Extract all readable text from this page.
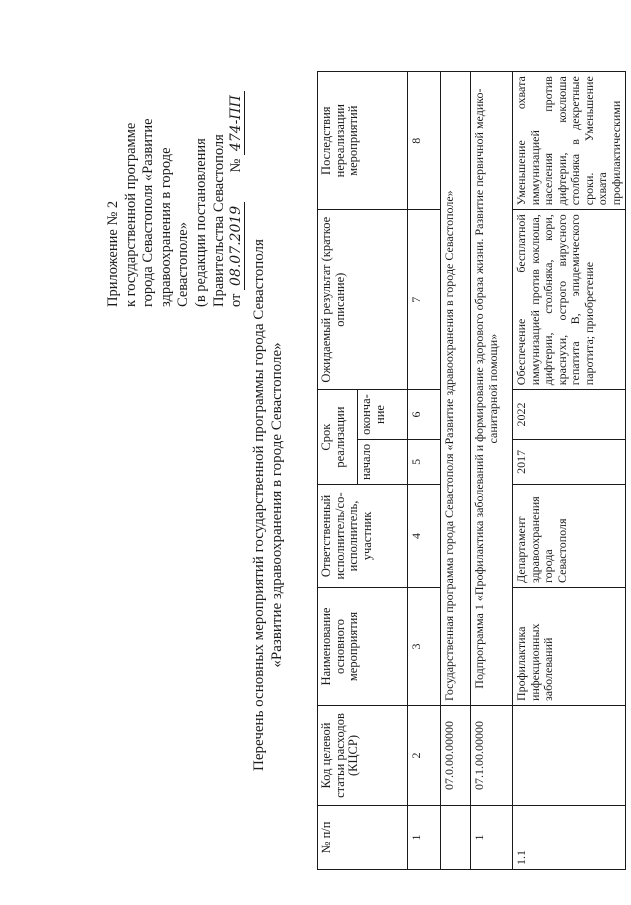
Приложение № 2 к государственной программе города Севастополя «Развитие здравоохранения в городе Севастополе» (в редакции постановления Правительства Севастополя от 08.07.2019  № 474-ПП
Перечень основных мероприятий государственной программы города Севастополя «Развитие здравоохранения в городе Севастополе»
№ п/п	Код целевой статьи расходов (КЦСР)	Наименование основного мероприятия	Ответственный исполнитель/со-исполнитель, участник	Срок реализации		Ожидаемый результат (краткое описание)	Последствия нереализации мероприятий
				начало	оконча-ние		
1	2	3	4	5	6	7	8
	07.0.00.00000	Государственная программа города Севастополя «Развитие здравоохранения в городе Севастополе»					
1	07.1.00.00000	Подпрограмма 1 «Профилактика заболеваний и формирование здорового образа жизни. Развитие первичной медико-санитарной помощи»					
1.1		Профилактика инфекционных заболеваний	Департамент здравоохранения города Севастополя	2017	2022	Обеспечение бесплатной иммунизацией против коклюша, дифтерии, столбняка, кори, краснухи, острого вирусного гепатита В, эпидемического паротита; приобретение	Уменьшение охвата иммунизацией населения против дифтерии, коклюша столбняка в декретные сроки. Уменьшение охвата профилактическими
